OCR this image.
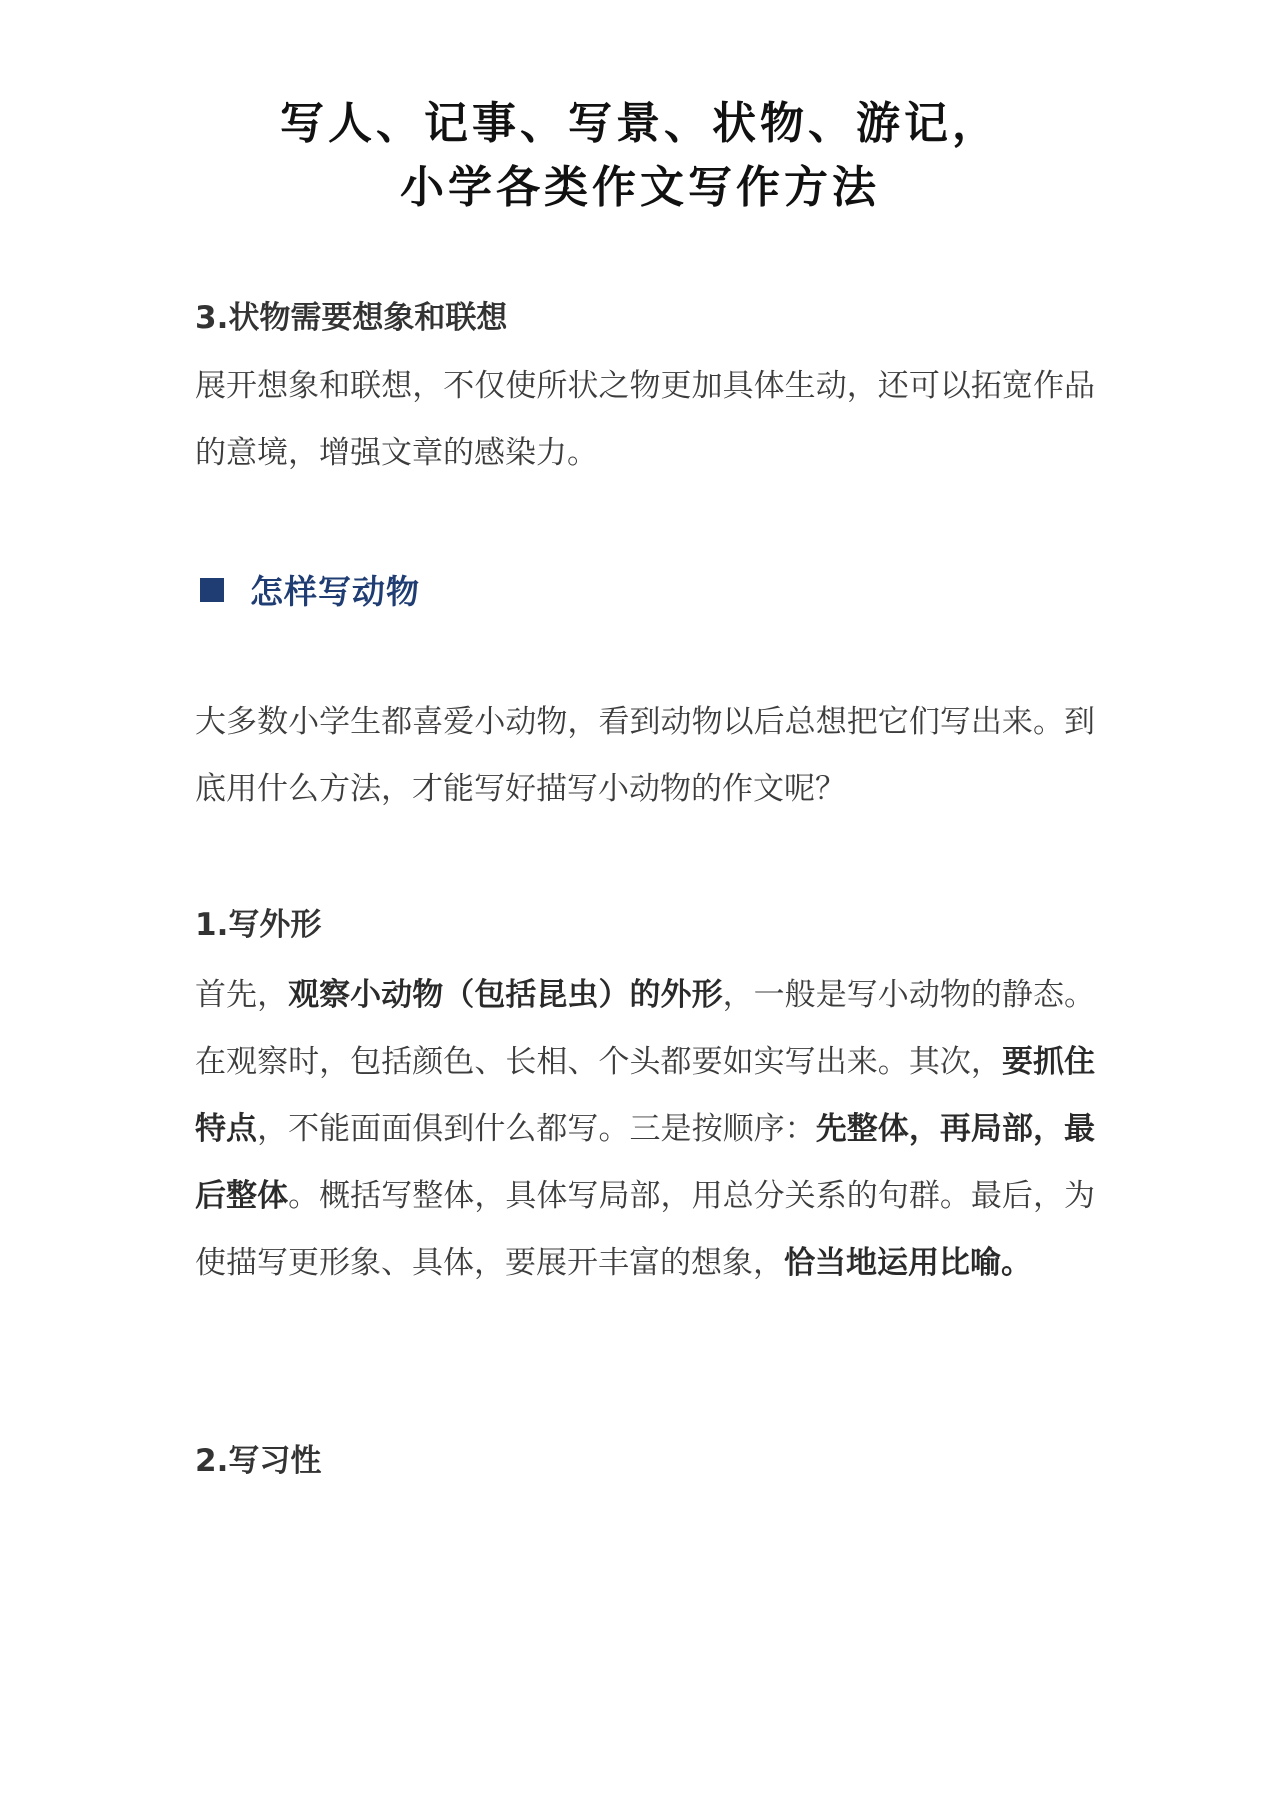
写人、记事、写景、状物、游记，
小学各类作文写作方法
3.状物需要想象和联想

展开想象和联想，不仅使所状之物更加具体生动，还可以拓宽作品的意境，增强文章的感染力。

怎样写动物

大多数小学生都喜爱小动物，看到动物以后总想把它们写出来。到底用什么方法，才能写好描写小动物的作文呢？

1.写外形

首先，观察小动物（包括昆虫）的外形，一般是写小动物的静态。在观察时，包括颜色、长相、个头都要如实写出来。其次，要抓住特点，不能面面俱到什么都写。三是按顺序：先整体，再局部，最后整体。概括写整体，具体写局部，用总分关系的句群。最后，为使描写更形象、具体，要展开丰富的想象，恰当地运用比喻。

2.写习性
